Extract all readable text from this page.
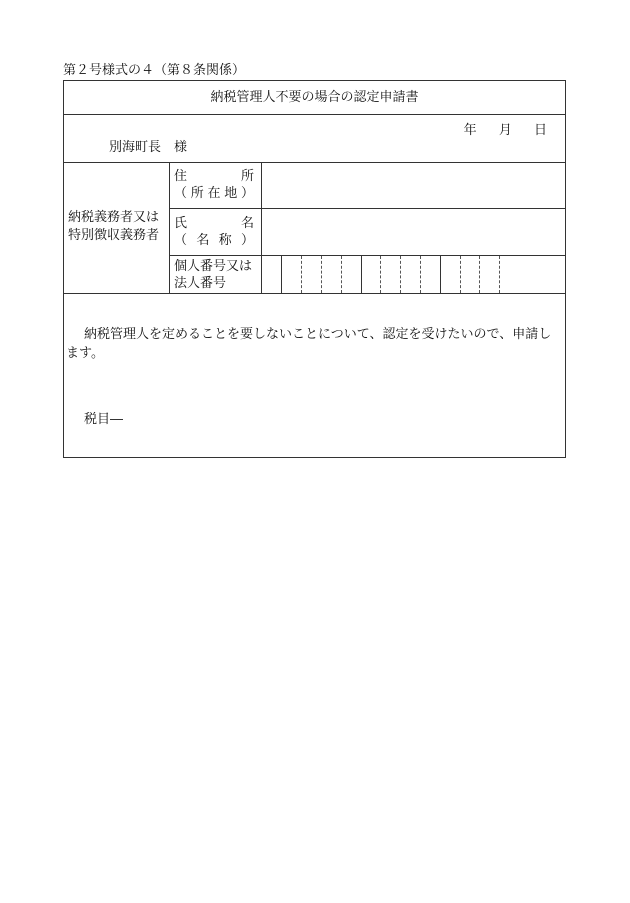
第２号様式の４（第８条関係）
納税管理人不要の場合の認定申請書
年 月 日
別海町長　様
納税義務者又は
特別徴収義務者
住	所
（ 所 在 地 ）
氏	名
（ 名 称 ）
個人番号又は
法人番号
納税管理人を定めることを要しないことについて、認定を受けたいので、申請します。
税目―
